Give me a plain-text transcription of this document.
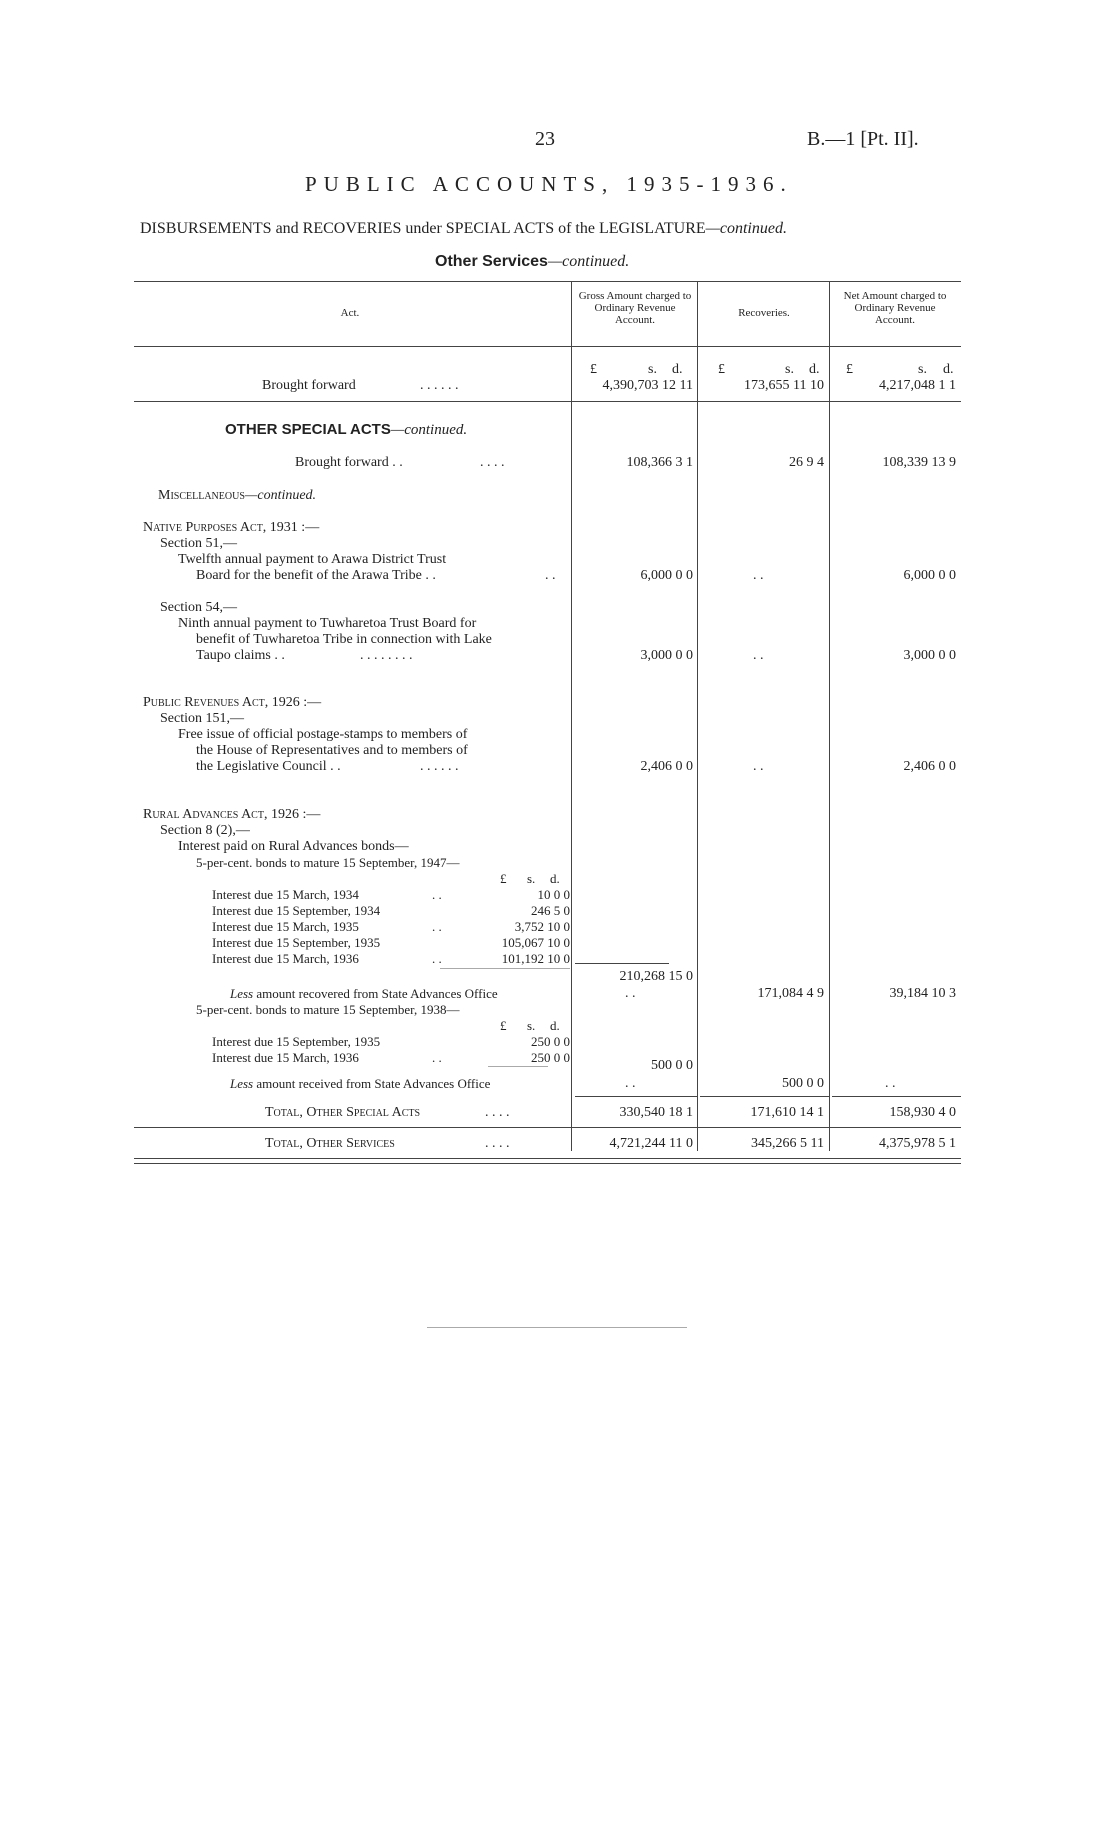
23	B.—1 [Pt. II].
PUBLIC ACCOUNTS, 1935-1936.
DISBURSEMENTS and RECOVERIES under SPECIAL ACTS of the LEGISLATURE—continued.
Other Services—continued.
Act.
Gross Amount charged to Ordinary Revenue Account.
Recoveries.
Net Amount charged to Ordinary Revenue Account.
£	s. d.	£	s. d. £	s. d.
Brought forward	. . . . . .	4,390,703 12 11	173,655 11 10	4,217,048 1 1
OTHER SPECIAL ACTS—continued.
Brought forward . .	. . . .	108,366 3 1	26 9 4	108,339 13 9
Miscellaneous—continued.
Native Purposes Act, 1931 :—
Section 51,—
Twelfth annual payment to Arawa District Trust
Board for the benefit of the Arawa Tribe . .	. .	6,000 0 0	. .	6,000 0 0
Section 54,—
Ninth annual payment to Tuwharetoa Trust Board for
benefit of Tuwharetoa Tribe in connection with Lake
Taupo claims . .	. . . . . . . .	3,000 0 0	. .	3,000 0 0
Public Revenues Act, 1926 :—
Section 151,—
Free issue of official postage-stamps to members of
the House of Representatives and to members of
the Legislative Council . .	. . . . . .	2,406 0 0	. .	2,406 0 0
Rural Advances Act, 1926 :—
Section 8 (2),—
Interest paid on Rural Advances bonds—
5-per-cent. bonds to mature 15 September, 1947—
£ s. d.
Interest due 15 March, 1934	. .	10 0 0
Interest due 15 September, 1934	246 5 0
Interest due 15 March, 1935	. .	3,752 10 0
Interest due 15 September, 1935	105,067 10 0
Interest due 15 March, 1936	. .	101,192 10 0
210,268 15 0
Less amount recovered from State Advances Office	. .	171,084 4 9	39,184 10 3
5-per-cent. bonds to mature 15 September, 1938—
£ s. d.
Interest due 15 September, 1935	250 0 0
Interest due 15 March, 1936	. .	250 0 0
500 0 0
Less amount received from State Advances Office	. .	500 0 0	. .
Total, Other Special Acts	. . . .	330,540 18 1	171,610 14 1	158,930 4 0
Total, Other Services	. . . .	4,721,244 11 0	345,266 5 11	4,375,978 5 1
